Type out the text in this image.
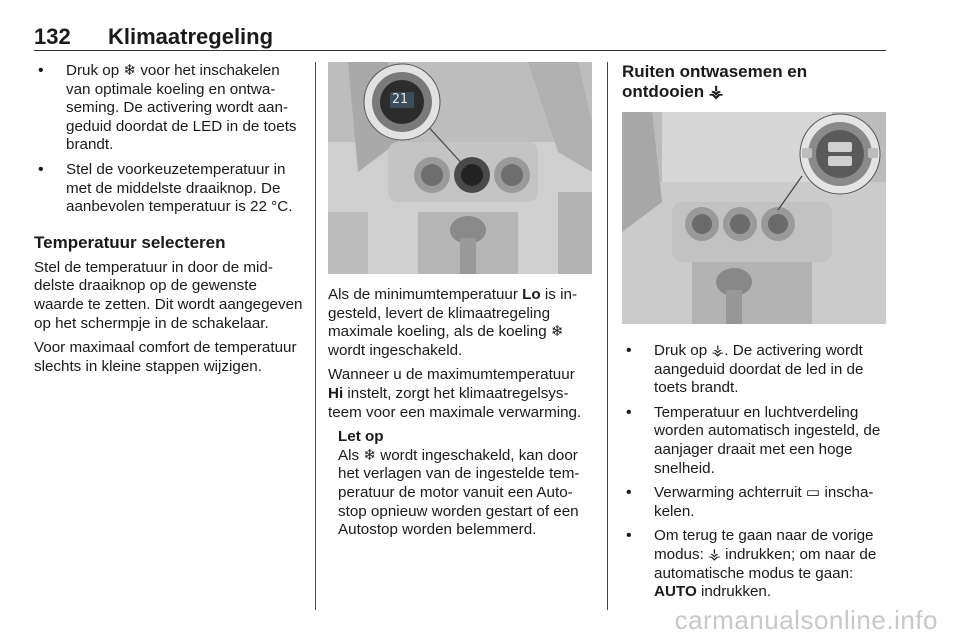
132 Klimaatregeling
• Druk op ❄ voor het inschakelen van optimale koeling en ontwaseming. De activering wordt aangeduid doordat de LED in de toets brandt.
• Stel de voorkeuzetemperatuur in met de middelste draaiknop. De aanbevolen temperatuur is 22 °C.
Temperatuur selecteren

Stel de temperatuur in door de middelste draaiknop op de gewenste waarde te zetten. Dit wordt aangegeven op het schermpje in de schakelaar.

Voor maximaal comfort de temperatuur slechts in kleine stappen wijzigen.

21

Als de minimumtemperatuur Lo is ingesteld, levert de klimaatregeling maximale koeling, als de koeling ❄ wordt ingeschakeld.

Wanneer u de maximumtemperatuur Hi instelt, zorgt het klimaatregelsysteem voor een maximale verwarming.

Let op
Als ❄ wordt ingeschakeld, kan door het verlagen van de ingestelde temperatuur de motor vanuit een Auto-stop opnieuw worden gestart of een Autostop worden belemmerd.
Ruiten ontwasemen en ontdooien ⚶
• Druk op ⚶. De activering wordt aangeduid doordat de led in de toets brandt.
• Temperatuur en luchtverdeling worden automatisch ingesteld, de aanjager draait met een hoge snelheid.
• Verwarming achterruit ▭ inschakelen.
• Om terug te gaan naar de vorige modus: ⚶ indrukken; om naar de automatische modus te gaan: AUTO indrukken.
carmanualsonline.info
